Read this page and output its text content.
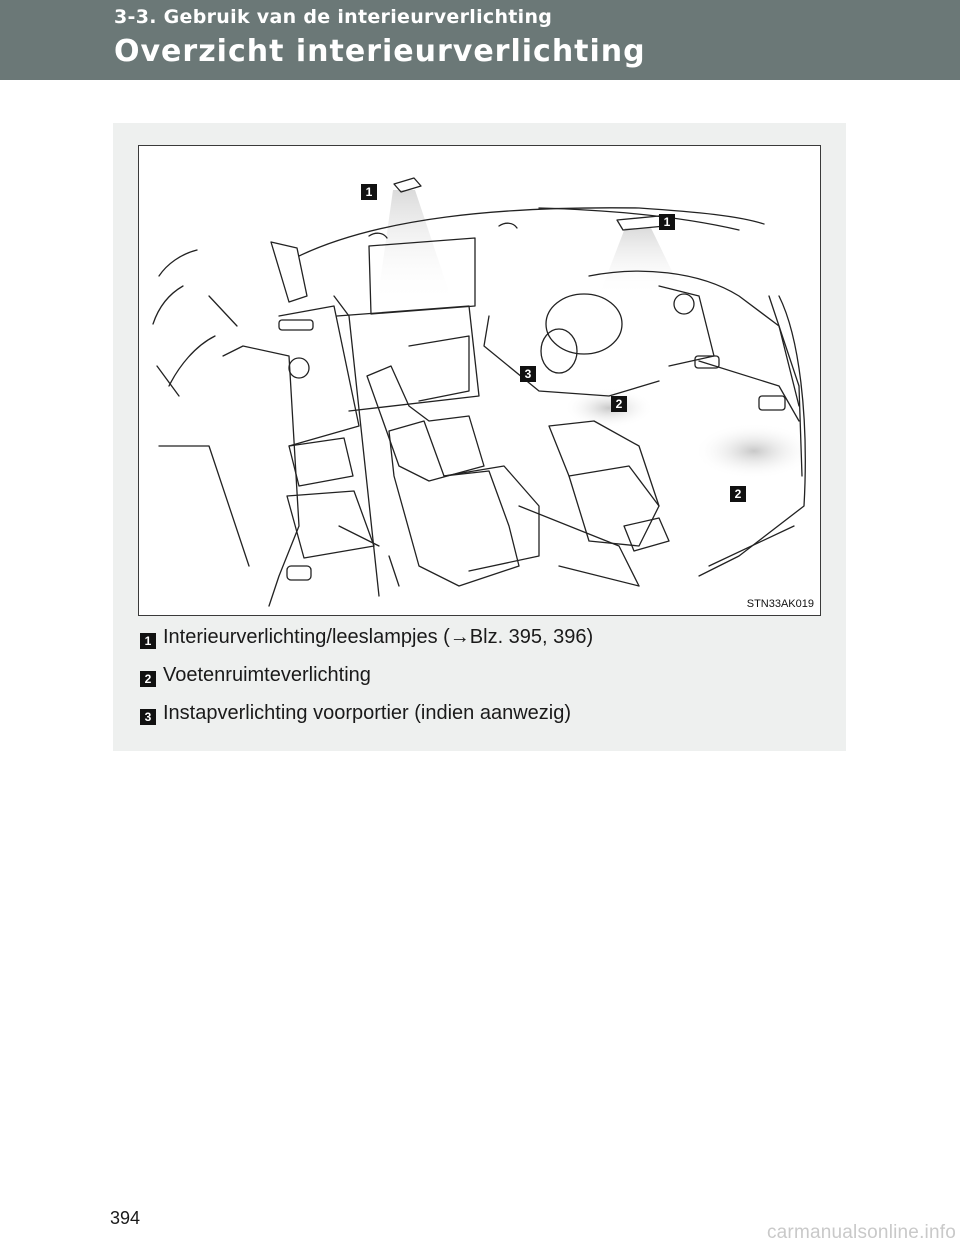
3-3. Gebruik van de interieurverlichting
Overzicht interieurverlichting
1
1
3
2
2
STN33AK019
1 Interieurverlichting/leeslampjes (→Blz. 395, 396)
2 Voetenruimteverlichting
3 Instapverlichting voorportier (indien aanwezig)
394
carmanualsonline.info
